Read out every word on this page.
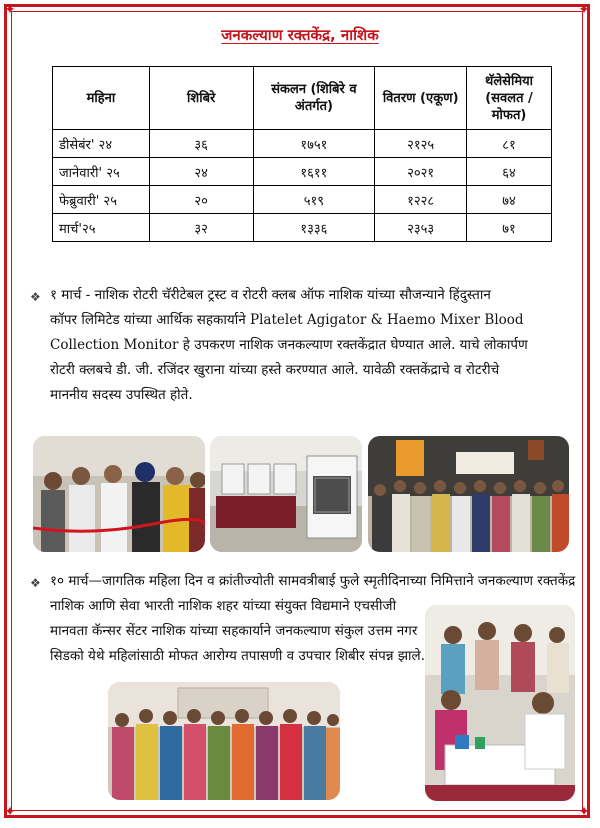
✦	✦
✦	✦
जनकल्याण रक्तकेंद्र, नाशिक
महिना	शिबिरे	संकलन (शिबिरे व अंतर्गत)	वितरण (एकूण)	थॅलेसेमिया (सवलत /मोफत)
डीसेबंर' २४	३६	१७५१	२१२५	८१
जानेवारी' २५	२४	१६११	२०२१	६४
फेब्रुवारी' २५	२०	५१९	१२२८	७४
मार्च'२५	३२	१३३६	२३५३	७१
❖ १ मार्च - नाशिक रोटरी चॅरीटेबल ट्रस्ट व रोटरी क्लब ऑफ नाशिक यांच्या सौजन्याने हिंदुस्तान
कॉपर लिमिटेड यांच्या आर्थिक सहकार्याने Platelet Agigator & Haemo Mixer Blood
Collection Monitor हे उपकरण नाशिक जनकल्याण रक्तकेंद्रात घेण्यात आले. याचे लोकार्पण
रोटरी क्लबचे डी. जी. रजिंदर खुराना यांच्या हस्ते करण्यात आले. यावेळी रक्तकेंद्राचे व रोटरीचे
माननीय सदस्य उपस्थित होते.
❖ १० मार्च—जागतिक महिला दिन व क्रांतीज्योती सामवत्रीबाई फुले स्मृतीदिनाच्या निमित्ताने जनकल्याण रक्तकेंद्र
नाशिक आणि सेवा भारती नाशिक शहर यांच्या संयुक्त विद्यमाने एचसीजी
मानवता कॅन्सर सेंटर नाशिक यांच्या सहकार्याने जनकल्याण संकुल उत्तम नगर
सिडको येथे महिलांसाठी मोफत आरोग्य तपासणी व उपचार शिबीर संपन्न झाले.
